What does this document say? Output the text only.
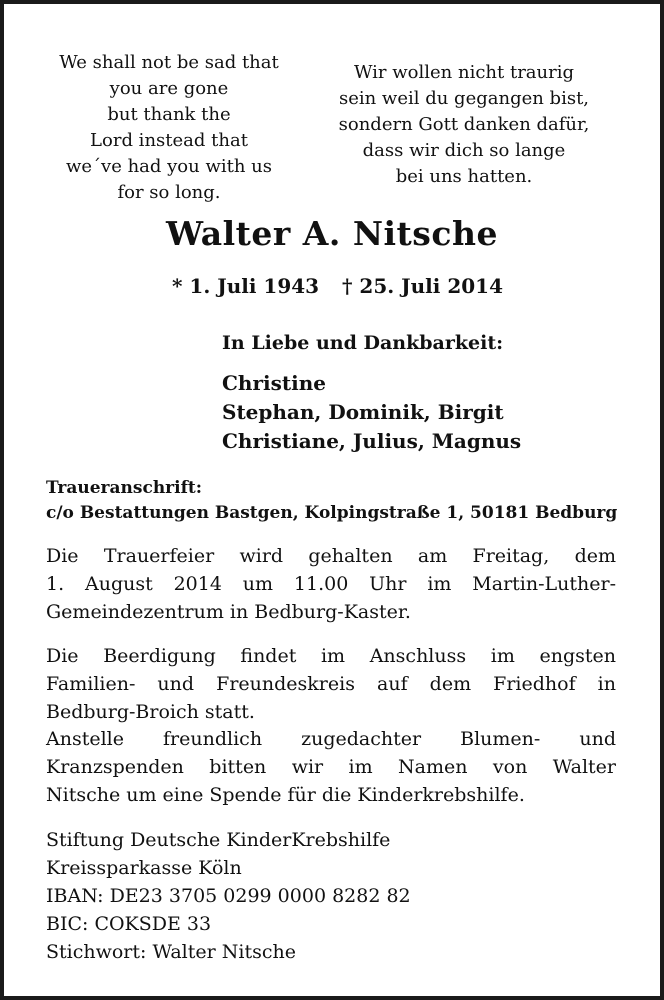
We shall not be sad that
you are gone
but thank the
Lord instead that
we´ve had you with us
for so long.
Wir wollen nicht traurig
sein weil du gegangen bist,
sondern Gott danken dafür,
dass wir dich so lange
bei uns hatten.
Walter A. Nitsche
* 1. Juli 1943 † 25. Juli 2014
In Liebe und Dankbarkeit:
Christine
Stephan, Dominik, Birgit
Christiane, Julius, Magnus
Traueranschrift:
c/o Bestattungen Bastgen, Kolpingstraße 1, 50181 Bedburg
Die Trauerfeier wird gehalten am Freitag, dem
1. August 2014 um 11.00 Uhr im Martin-Luther-
Gemeindezentrum in Bedburg-Kaster.
Die Beerdigung findet im Anschluss im engsten
Familien- und Freundeskreis auf dem Friedhof in
Bedburg-Broich statt.
Anstelle freundlich zugedachter Blumen- und
Kranzspenden bitten wir im Namen von Walter
Nitsche um eine Spende für die Kinderkrebshilfe.
Stiftung Deutsche KinderKrebshilfe
Kreissparkasse Köln
IBAN: DE23 3705 0299 0000 8282 82
BIC: COKSDE 33
Stichwort: Walter Nitsche
